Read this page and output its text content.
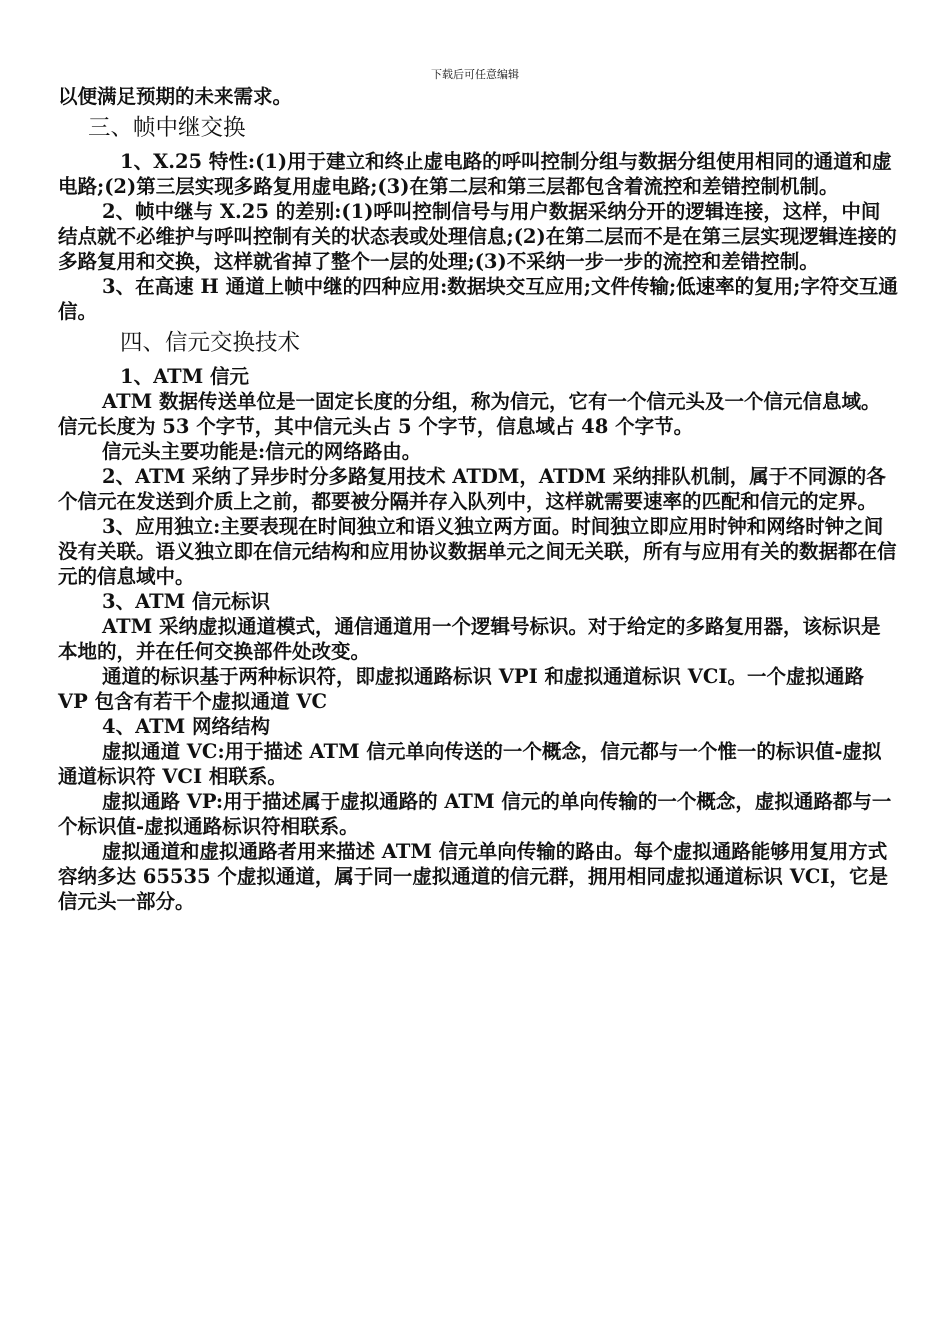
下载后可任意编辑

以便满足预期的未来需求。

三、帧中继交换

1、X.25 特性:(1)用于建立和终止虚电路的呼叫控制分组与数据分组使用相同的通道和虚电路;(2)第三层实现多路复用虚电路;(3)在第二层和第三层都包含着流控和差错控制机制。

2、帧中继与 X.25 的差别:(1)呼叫控制信号与用户数据采纳分开的逻辑连接，这样，中间结点就不必维护与呼叫控制有关的状态表或处理信息;(2)在第二层而不是在第三层实现逻辑连接的多路复用和交换，这样就省掉了整个一层的处理;(3)不采纳一步一步的流控和差错控制。

3、在高速 H 通道上帧中继的四种应用:数据块交互应用;文件传输;低速率的复用;字符交互通信。

四、信元交换技术

1、ATM 信元

ATM 数据传送单位是一固定长度的分组，称为信元，它有一个信元头及一个信元信息域。信元长度为 53 个字节，其中信元头占 5 个字节，信息域占 48 个字节。

信元头主要功能是:信元的网络路由。

2、ATM 采纳了异步时分多路复用技术 ATDM，ATDM 采纳排队机制，属于不同源的各个信元在发送到介质上之前，都要被分隔并存入队列中，这样就需要速率的匹配和信元的定界。

3、应用独立:主要表现在时间独立和语义独立两方面。时间独立即应用时钟和网络时钟之间没有关联。语义独立即在信元结构和应用协议数据单元之间无关联，所有与应用有关的数据都在信元的信息域中。

3、ATM 信元标识

ATM 采纳虚拟通道模式，通信通道用一个逻辑号标识。对于给定的多路复用器，该标识是本地的，并在任何交换部件处改变。

通道的标识基于两种标识符，即虚拟通路标识 VPI 和虚拟通道标识 VCI。一个虚拟通路 VP 包含有若干个虚拟通道 VC

4、ATM 网络结构

虚拟通道 VC:用于描述 ATM 信元单向传送的一个概念，信元都与一个惟一的标识值-虚拟通道标识符 VCI 相联系。

虚拟通路 VP:用于描述属于虚拟通路的 ATM 信元的单向传输的一个概念，虚拟通路都与一个标识值-虚拟通路标识符相联系。

虚拟通道和虚拟通路者用来描述 ATM 信元单向传输的路由。每个虚拟通路能够用复用方式容纳多达 65535 个虚拟通道，属于同一虚拟通道的信元群，拥用相同虚拟通道标识 VCI，它是信元头一部分。
